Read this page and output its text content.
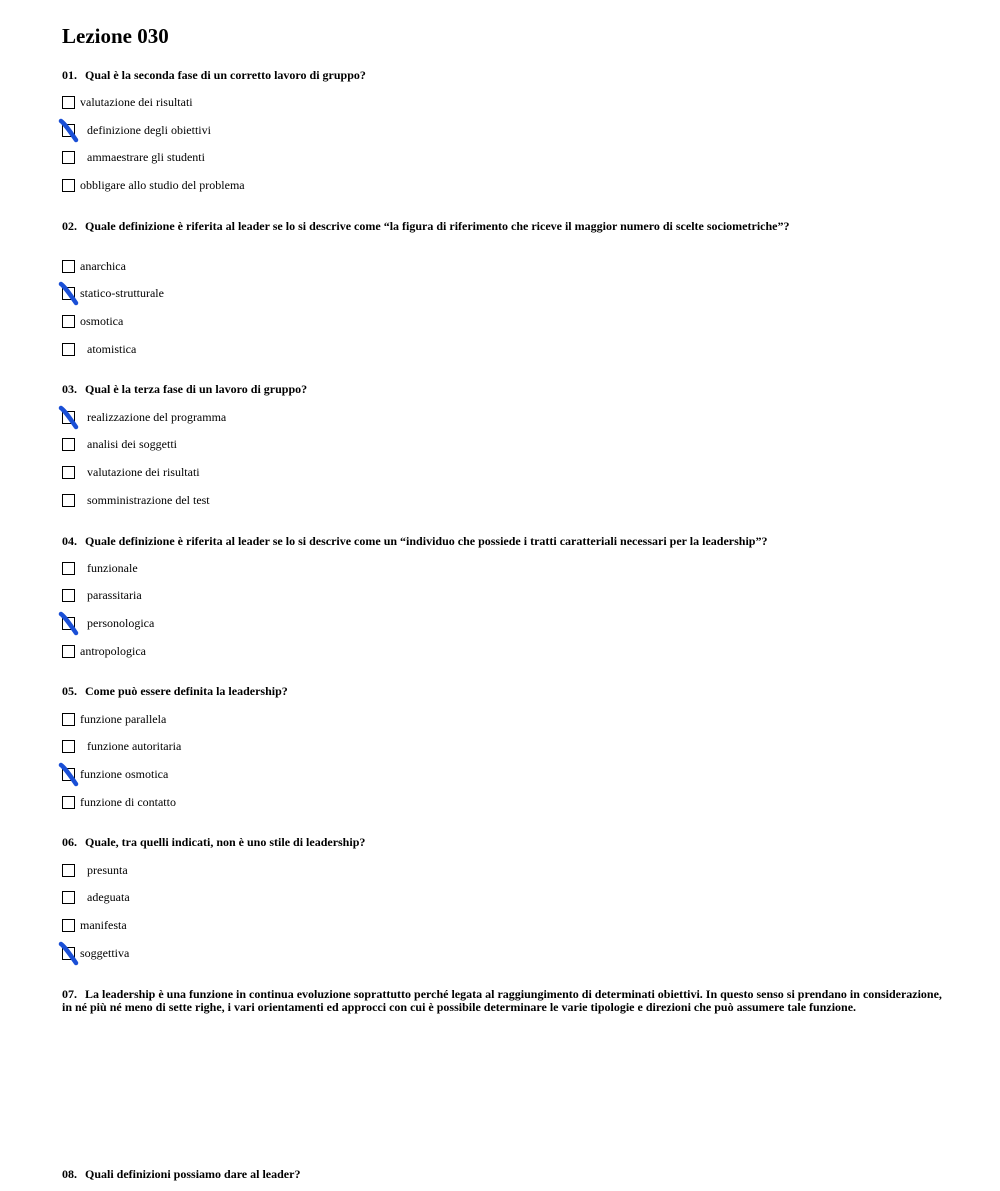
Lezione 030
01. Qual è la seconda fase di un corretto lavoro di gruppo?
valutazione dei risultati
definizione degli obiettivi
ammaestrare gli studenti
obbligare allo studio del problema
02. Quale definizione è riferita al leader se lo si descrive come “la figura di riferimento che riceve il maggior numero di scelte sociometriche”?
anarchica
statico-strutturale
osmotica
atomistica
03. Qual è la terza fase di un lavoro di gruppo?
realizzazione del programma
analisi dei soggetti
valutazione dei risultati
somministrazione del test
04. Quale definizione è riferita al leader se lo si descrive come un “individuo che possiede i tratti caratteriali necessari per la leadership”?
funzionale
parassitaria
personologica
antropologica
05. Come può essere definita la leadership?
funzione parallela
funzione autoritaria
funzione osmotica
funzione di contatto
06. Quale, tra quelli indicati, non è uno stile di leadership?
presunta
adeguata
manifesta
soggettiva
07. La leadership è una funzione in continua evoluzione soprattutto perché legata al raggiungimento di determinati obiettivi. In questo senso si prendano in considerazione, in né più né meno di sette righe, i vari orientamenti ed approcci con cui è possibile determinare le varie tipologie e direzioni che può assumere tale funzione.
08. Quali definizioni possiamo dare al leader?
